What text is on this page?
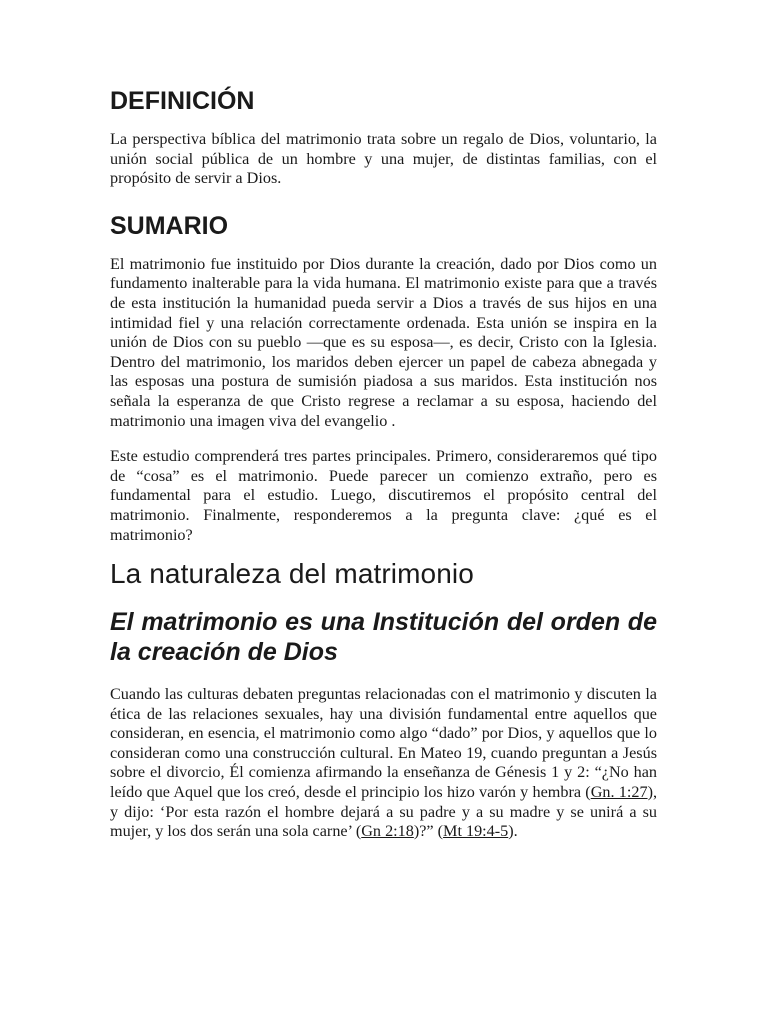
DEFINICIÓN

La perspectiva bíblica del matrimonio trata sobre un regalo de Dios, voluntario, la unión social pública de un hombre y una mujer, de distintas familias, con el propósito de servir a Dios.

SUMARIO

El matrimonio fue instituido por Dios durante la creación, dado por Dios como un fundamento inalterable para la vida humana. El matrimonio existe para que a través de esta institución la humanidad pueda servir a Dios a través de sus hijos en una intimidad fiel y una relación correctamente ordenada. Esta unión se inspira en la unión de Dios con su pueblo —que es su esposa—, es decir, Cristo con la Iglesia. Dentro del matrimonio, los maridos deben ejercer un papel de cabeza abnegada y las esposas una postura de sumisión piadosa a sus maridos. Esta institución nos señala la esperanza de que Cristo regrese a reclamar a su esposa, haciendo del matrimonio una imagen viva del evangelio .

Este estudio comprenderá tres partes principales. Primero, consideraremos qué tipo de “cosa” es el matrimonio. Puede parecer un comienzo extraño, pero es fundamental para el estudio. Luego, discutiremos el propósito central del matrimonio. Finalmente, responderemos a la pregunta clave: ¿qué es el matrimonio?

La naturaleza del matrimonio
El matrimonio es una Institución del orden de la creación de Dios

Cuando las culturas debaten preguntas relacionadas con el matrimonio y discuten la ética de las relaciones sexuales, hay una división fundamental entre aquellos que consideran, en esencia, el matrimonio como algo “dado” por Dios, y aquellos que lo consideran como una construcción cultural. En Mateo 19, cuando preguntan a Jesús sobre el divorcio, Él comienza afirmando la enseñanza de Génesis 1 y 2: “¿No han leído que Aquel que los creó, desde el principio los hizo varón y hembra (Gn. 1:27), y dijo: ‘Por esta razón el hombre dejará a su padre y a su madre y se unirá a su mujer, y los dos serán una sola carne’ (Gn 2:18)?” (Mt 19:4-5).
